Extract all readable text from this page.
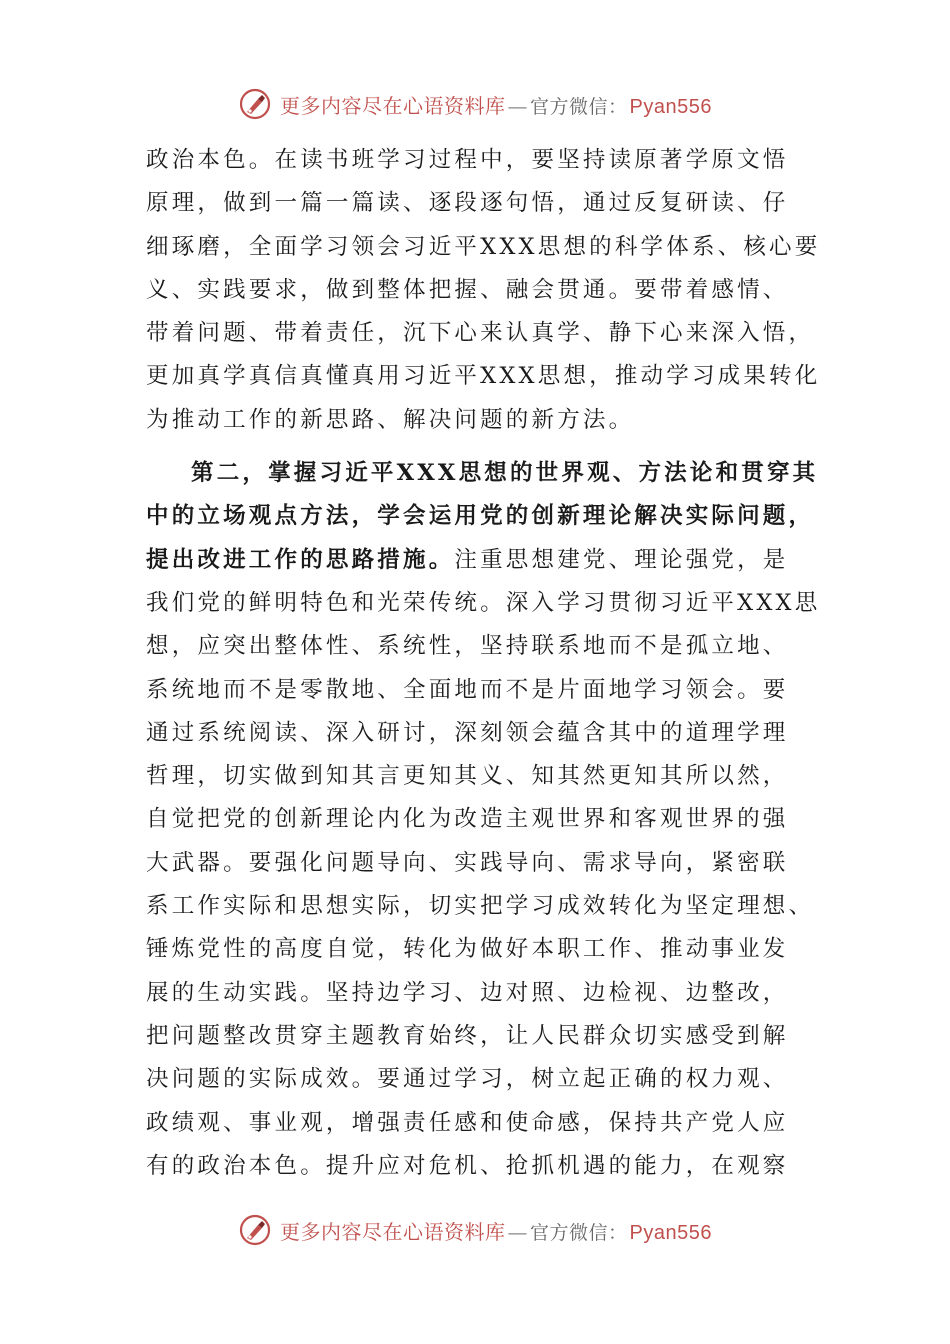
更多内容尽在心语资料库 — 官方微信： Pyan556
政治本色。在读书班学习过程中，要坚持读原著学原文悟
原理，做到一篇一篇读、逐段逐句悟，通过反复研读、仔
细琢磨，全面学习领会习近平XXX思想的科学体系、核心要
义、实践要求，做到整体把握、融会贯通。要带着感情、
带着问题、带着责任，沉下心来认真学、静下心来深入悟，
更加真学真信真懂真用习近平XXX思想，推动学习成果转化
为推动工作的新思路、解决问题的新方法。
第二，掌握习近平XXX思想的世界观、方法论和贯穿其
中的立场观点方法，学会运用党的创新理论解决实际问题，
提出改进工作的思路措施。注重思想建党、理论强党，是
我们党的鲜明特色和光荣传统。深入学习贯彻习近平XXX思
想，应突出整体性、系统性，坚持联系地而不是孤立地、
系统地而不是零散地、全面地而不是片面地学习领会。要
通过系统阅读、深入研讨，深刻领会蕴含其中的道理学理
哲理，切实做到知其言更知其义、知其然更知其所以然，
自觉把党的创新理论内化为改造主观世界和客观世界的强
大武器。要强化问题导向、实践导向、需求导向，紧密联
系工作实际和思想实际，切实把学习成效转化为坚定理想、
锤炼党性的高度自觉，转化为做好本职工作、推动事业发
展的生动实践。坚持边学习、边对照、边检视、边整改，
把问题整改贯穿主题教育始终，让人民群众切实感受到解
决问题的实际成效。要通过学习，树立起正确的权力观、
政绩观、事业观，增强责任感和使命感，保持共产党人应
有的政治本色。提升应对危机、抢抓机遇的能力，在观察
更多内容尽在心语资料库 — 官方微信： Pyan556
